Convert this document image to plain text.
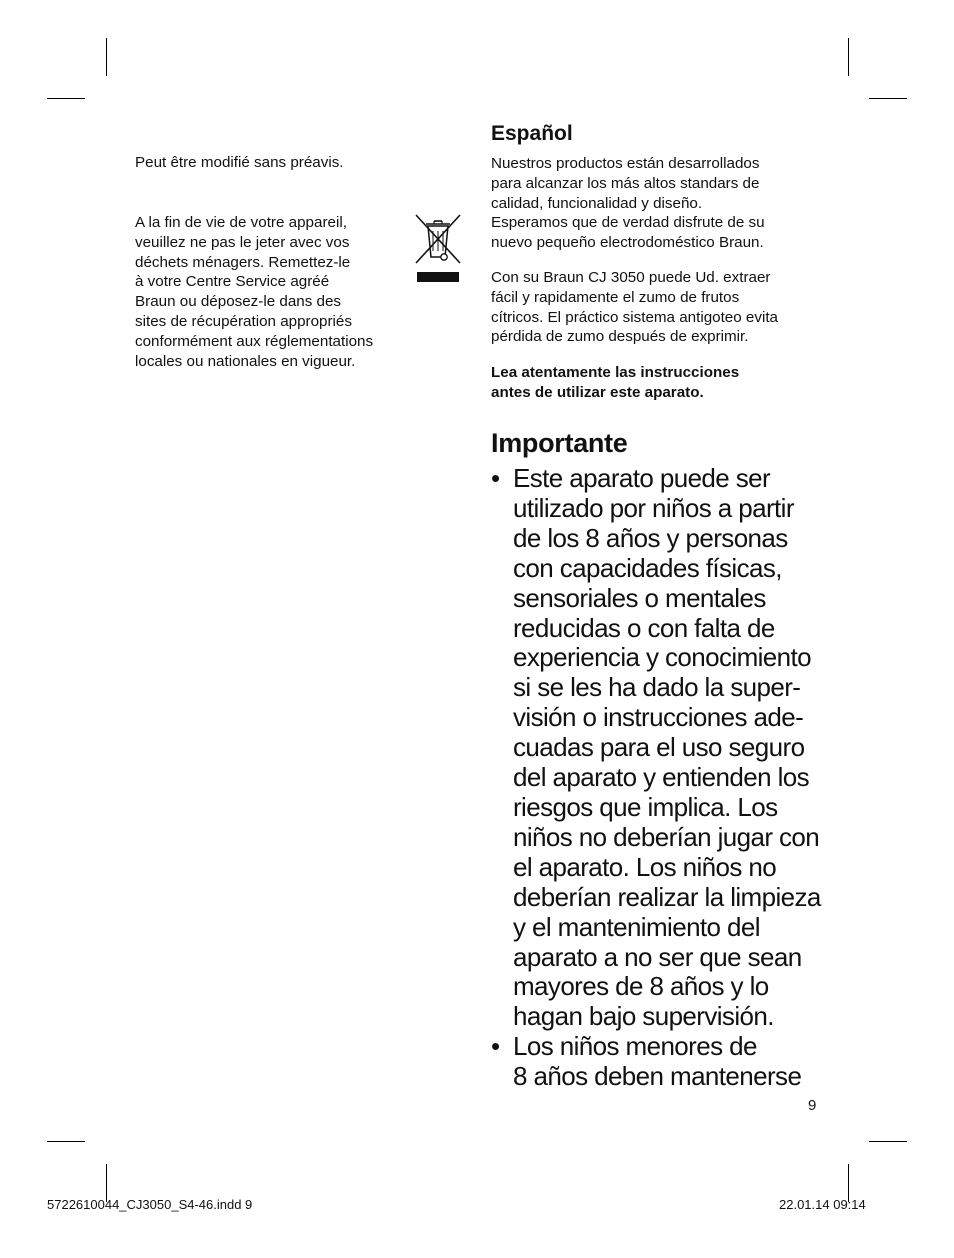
Peut être modifié sans préavis.
A la fin de vie de votre appareil,
veuillez ne pas le jeter avec vos
déchets ménagers. Remettez-le
à votre Centre Service agréé
Braun ou déposez-le dans des
sites de récupération appropriés
conformément aux réglementations
locales ou nationales en vigueur.
Español
Nuestros productos están desarrollados
para alcanzar los más altos standars de
calidad, funcionalidad y diseño.
Esperamos que de verdad disfrute de su
nuevo pequeño electrodoméstico Braun.
Con su Braun CJ 3050 puede Ud. extraer
fácil y rapidamente el zumo de frutos
cítricos. El práctico sistema antigoteo evita
pérdida de zumo después de exprimir.
Lea atentamente las instrucciones
antes de utilizar este aparato.
Importante
• Este aparato puede ser
utilizado por niños a partir
de los 8 años y personas
con capacidades físicas,
sensoriales o mentales
reducidas o con falta de
experiencia y conocimiento
si se les ha dado la super-
visión o instrucciones ade-
cuadas para el uso seguro
del aparato y entienden los
riesgos que implica. Los
niños no deberían jugar con
el aparato. Los niños no
deberían realizar la limpieza
y el mantenimiento del
aparato a no ser que sean
mayores de 8 años y lo
hagan bajo supervisión.
• Los niños menores de
8 años deben mantenerse
9
5722610044_CJ3050_S4-46.indd 9	22.01.14 09:14
